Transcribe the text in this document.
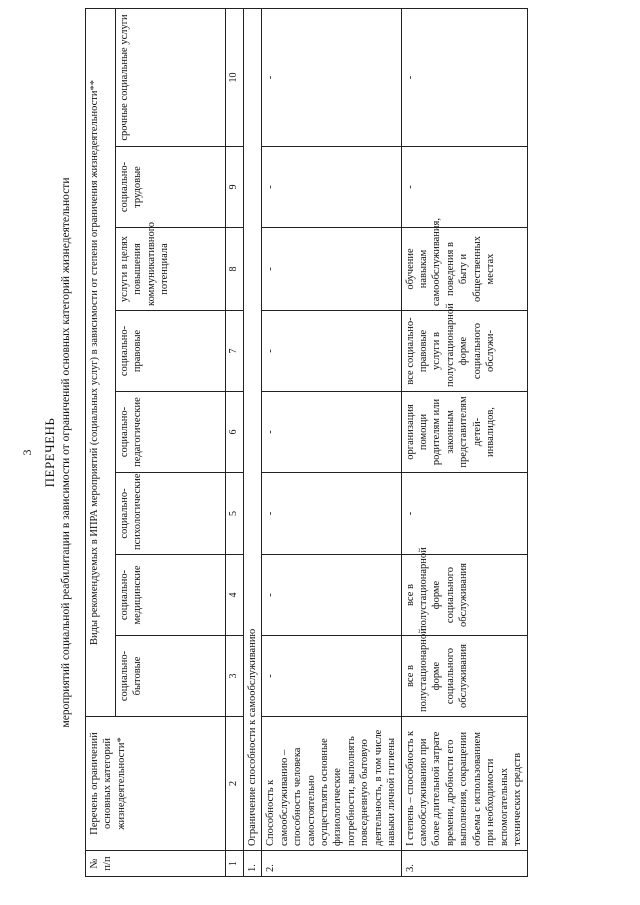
3 ПЕРЕЧЕНЬ мероприятий социальной реабилитации в зависимости от ограничений основных категорий жизнедеятельности
№ п/п	Перечень ограничений основных категорий жизнедеятельности*	Виды рекомендуемых в ИПРА мероприятий (социальных услуг) в зависимости от степени ограничения жизнедеятельности**							
		социально-бытовые	социально-медицинские	социально-психологические	социально-педагогические	социально-правовые	услуги в целях повышения коммуникативного потенциала	социально-трудовые	срочные социальные услуги
1	2	3	4	5	6	7	8	9	10
1.	Ограничение способности к самообслуживанию								
2.	Способность к самообслуживанию – способность человека самостоятельно осуществлять основные физиологические потребности, выполнять повседневную бытовую деятельность, в том числе навыки личной гигиены	-	-	-	-	-	-	-	-
3.	I степень – способность к самообслуживанию при более длительной затрате времени, дробности его выполнения, сокращении объема с использованием при необходимости вспомогательных технических средств	все в полустационарной форме социального обслуживания	все в полустационарной форме социального обслуживания	-	организация помощи родителям или законным представителям детей-инвалидов,	все социально-правовые услуги в полустационарной форме социального обслужи-	обучение навыкам самообслуживания, поведения в быту и общественных местах	-	-
